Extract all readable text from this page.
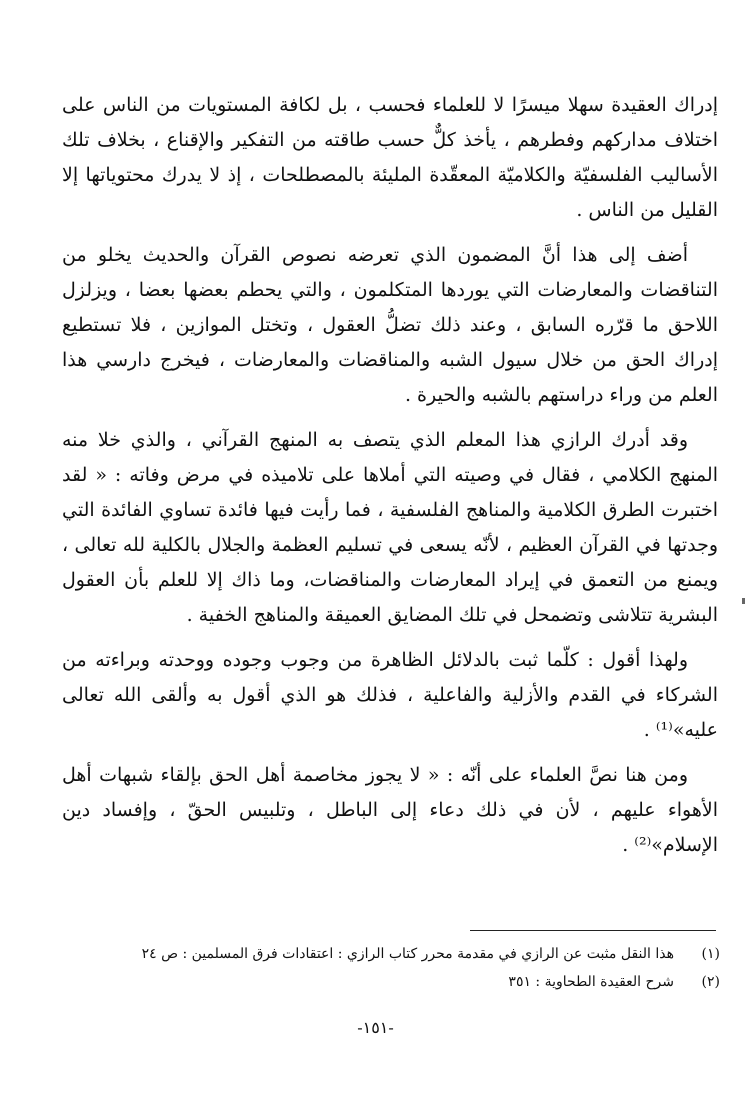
إدراك العقيدة سهلا ميسرًا لا للعلماء فحسب ، بل لكافة المستويات من الناس على اختلاف مداركهم وفطرهم ، يأخذ كلٌّ حسب طاقته من التفكير والإقناع ، بخلاف تلك الأساليب الفلسفيّة والكلاميّة المعقّدة المليئة بالمصطلحات ، إذ لا يدرك محتوياتها إلا القليل من الناس .

أضف إلى هذا أنَّ المضمون الذي تعرضه نصوص القرآن والحديث يخلو من التناقضات والمعارضات التي يوردها المتكلمون ، والتي يحطم بعضها بعضا ، ويزلزل اللاحق ما قرّره السابق ، وعند ذلك تضلُّ العقول ، وتختل الموازين ، فلا تستطيع إدراك الحق من خلال سيول الشبه والمناقضات والمعارضات ، فيخرج دارسي هذا العلم من وراء دراستهم بالشبه والحيرة .

وقد أدرك الرازي هذا المعلم الذي يتصف به المنهج القرآني ، والذي خلا منه المنهج الكلامي ، فقال في وصيته التي أملاها على تلاميذه في مرض وفاته : « لقد اختبرت الطرق الكلامية والمناهج الفلسفية ، فما رأيت فيها فائدة تساوي الفائدة التي وجدتها في القرآن العظيم ، لأنّه يسعى في تسليم العظمة والجلال بالكلية لله تعالى ، ويمنع من التعمق في إيراد المعارضات والمناقضات، وما ذاك إلا للعلم بأن العقول البشرية تتلاشى وتضمحل في تلك المضايق العميقة والمناهج الخفية .

ولهذا أقول : كلّما ثبت بالدلائل الظاهرة من وجوب وجوده ووحدته وبراءته من الشركاء في القدم والأزلية والفاعلية ، فذلك هو الذي أقول به وألقى الله تعالى عليه»⁽¹⁾ .

ومن هنا نصَّ العلماء على أنّه : « لا يجوز مخاصمة أهل الحق بإلقاء شبهات أهل الأهواء عليهم ، لأن في ذلك دعاء إلى الباطل ، وتلبيس الحقّ ، وإفساد دين الإسلام»⁽²⁾ .

(١)
هذا النقل مثبت عن الرازي في مقدمة محرر كتاب الرازي : اعتقادات فرق المسلمين : ص ٢٤
(٢)
شرح العقيدة الطحاوية : ٣٥١
-١٥١-
